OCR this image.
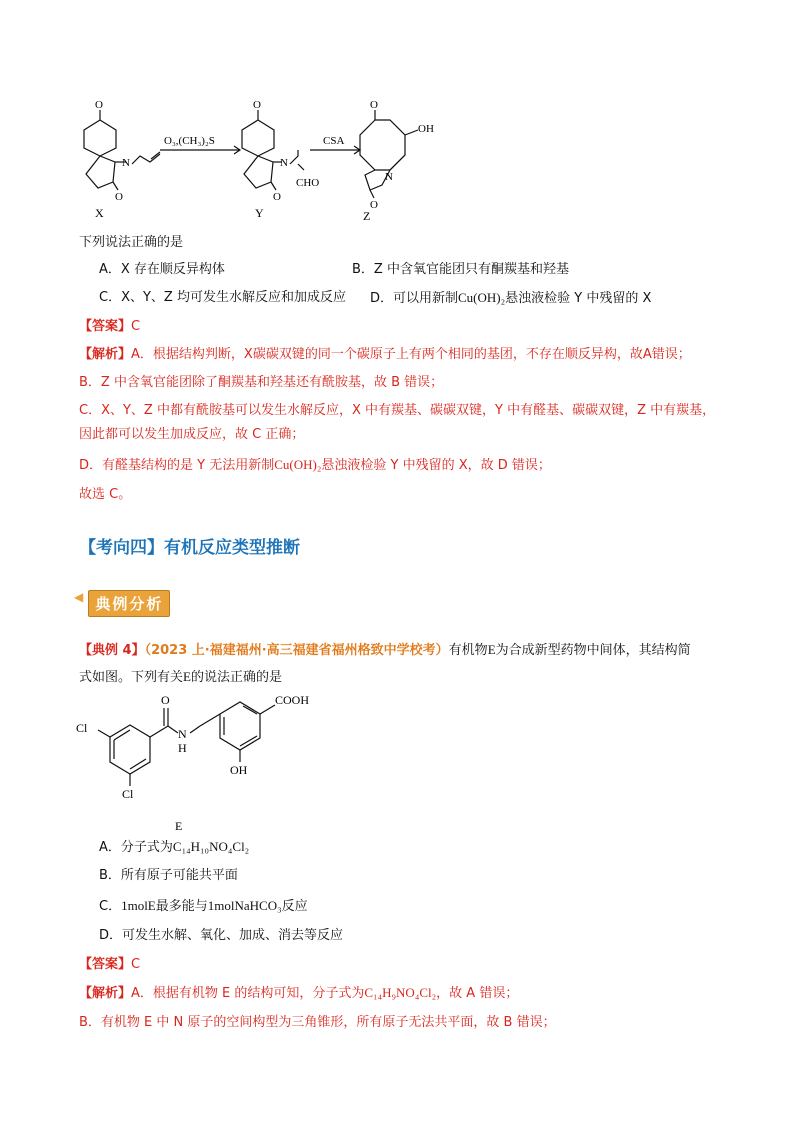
O
N
O
X
O₃,(CH₃)₂S
O
N
O
CHO
Y
CSA
O
OH
N
O
Z
下列说法正确的是
A．X 存在顺反异构体	B．Z 中含氧官能团只有酮羰基和羟基
C．X、Y、Z 均可发生水解反应和加成反应 D．可以用新制Cu(OH)₂悬浊液检验 Y 中残留的 X
【答案】C
【解析】A．根据结构判断，X碳碳双键的同一个碳原子上有两个相同的基团，不存在顺反异构，故A错误；
B．Z 中含氧官能团除了酮羰基和羟基还有酰胺基，故 B 错误；
C．X、Y、Z 中都有酰胺基可以发生水解反应，X 中有羰基、碳碳双键，Y 中有醛基、碳碳双键，Z 中有羰基，
因此都可以发生加成反应，故 C 正确；
D．有醛基结构的是 Y 无法用新制Cu(OH)₂悬浊液检验 Y 中残留的 X，故 D 错误；
故选 C。
【考向四】有机反应类型推断
◀ 典例分析
【典例 4】（2023 上·福建福州·高三福建省福州格致中学校考）有机物E为合成新型药物中间体，其结构简
式如图。下列有关E的说法正确的是
O
N
H
Cl
Cl
COOH
OH
E
A．分子式为C₁₄H₁₀NO₄Cl₂
B．所有原子可能共平面
C．1molE最多能与1molNaHCO₃反应
D．可发生水解、氧化、加成、消去等反应
【答案】C
【解析】A．根据有机物 E 的结构可知，分子式为C₁₄H₉NO₄Cl₂，故 A 错误；
B．有机物 E 中 N 原子的空间构型为三角锥形，所有原子无法共平面，故 B 错误；
